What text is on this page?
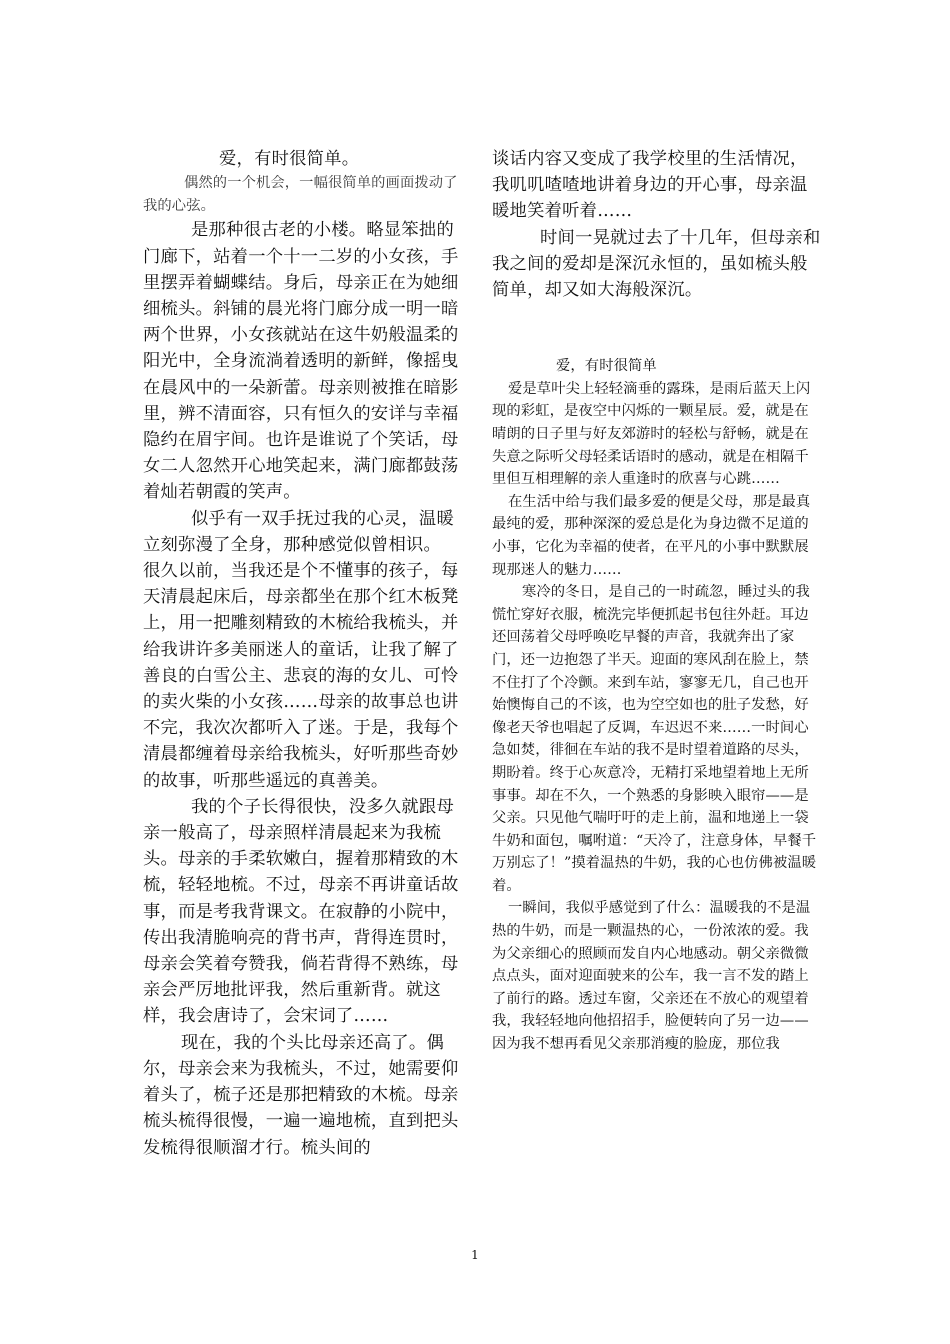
爱，有时很简单。

偶然的一个机会，一幅很简单的画面拨动了我的心弦。

是那种很古老的小楼。略显笨拙的门廊下，站着一个十一二岁的小女孩，手里摆弄着蝴蝶结。身后，母亲正在为她细细梳头。斜铺的晨光将门廊分成一明一暗两个世界，小女孩就站在这牛奶般温柔的阳光中，全身流淌着透明的新鲜，像摇曳在晨风中的一朵新蕾。母亲则被推在暗影里，辨不清面容，只有恒久的安详与幸福隐约在眉宇间。也许是谁说了个笑话，母女二人忽然开心地笑起来，满门廊都鼓荡着灿若朝霞的笑声。

似乎有一双手抚过我的心灵，温暖立刻弥漫了全身，那种感觉似曾相识。

很久以前，当我还是个不懂事的孩子，每天清晨起床后，母亲都坐在那个红木板凳上，用一把雕刻精致的木梳给我梳头，并给我讲许多美丽迷人的童话，让我了解了善良的白雪公主、悲哀的海的女儿、可怜的卖火柴的小女孩……母亲的故事总也讲不完，我次次都听入了迷。于是，我每个清晨都缠着母亲给我梳头，好听那些奇妙的故事，听那些遥远的真善美。

我的个子长得很快，没多久就跟母亲一般高了，母亲照样清晨起来为我梳头。母亲的手柔软嫩白，握着那精致的木梳，轻轻地梳。不过，母亲不再讲童话故事，而是考我背课文。在寂静的小院中，传出我清脆响亮的背书声，背得连贯时，母亲会笑着夸赞我，倘若背得不熟练，母亲会严厉地批评我，然后重新背。就这样，我会唐诗了，会宋词了……

现在，我的个头比母亲还高了。偶尔，母亲会来为我梳头，不过，她需要仰着头了，梳子还是那把精致的木梳。母亲梳头梳得很慢，一遍一遍地梳，直到把头发梳得很顺溜才行。梳头间的

谈话内容又变成了我学校里的生活情况，我叽叽喳喳地讲着身边的开心事，母亲温暖地笑着听着……

时间一晃就过去了十几年，但母亲和我之间的爱却是深沉永恒的，虽如梳头般简单，却又如大海般深沉。

爱，有时很简单

爱是草叶尖上轻轻滴垂的露珠，是雨后蓝天上闪现的彩虹，是夜空中闪烁的一颗星辰。爱，就是在晴朗的日子里与好友郊游时的轻松与舒畅，就是在失意之际听父母轻柔话语时的感动，就是在相隔千里但互相理解的亲人重逢时的欣喜与心跳……

在生活中给与我们最多爱的便是父母，那是最真最纯的爱，那种深深的爱总是化为身边微不足道的小事，它化为幸福的使者，在平凡的小事中默默展现那迷人的魅力……

寒冷的冬日，是自己的一时疏忽，睡过头的我慌忙穿好衣服，梳洗完毕便抓起书包往外赶。耳边还回荡着父母呼唤吃早餐的声音，我就奔出了家门，还一边抱怨了半天。迎面的寒风刮在脸上，禁不住打了个冷颤。来到车站，寥寥无几，自己也开始懊悔自己的不该，也为空空如也的肚子发愁，好像老天爷也唱起了反调，车迟迟不来……一时间心急如焚，徘徊在车站的我不是时望着道路的尽头，期盼着。终于心灰意冷，无精打采地望着地上无所事事。却在不久，一个熟悉的身影映入眼帘——是父亲。只见他气喘吁吁的走上前，温和地递上一袋牛奶和面包，嘱咐道：“天冷了，注意身体，早餐千万别忘了！”摸着温热的牛奶，我的心也仿佛被温暖着。

一瞬间，我似乎感觉到了什么：温暖我的不是温热的牛奶，而是一颗温热的心，一份浓浓的爱。我为父亲细心的照顾而发自内心地感动。朝父亲微微点点头，面对迎面驶来的公车，我一言不发的踏上了前行的路。透过车窗，父亲还在不放心的观望着我，我轻轻地向他招招手，脸便转向了另一边——因为我不想再看见父亲那消瘦的脸庞，那位我

1
